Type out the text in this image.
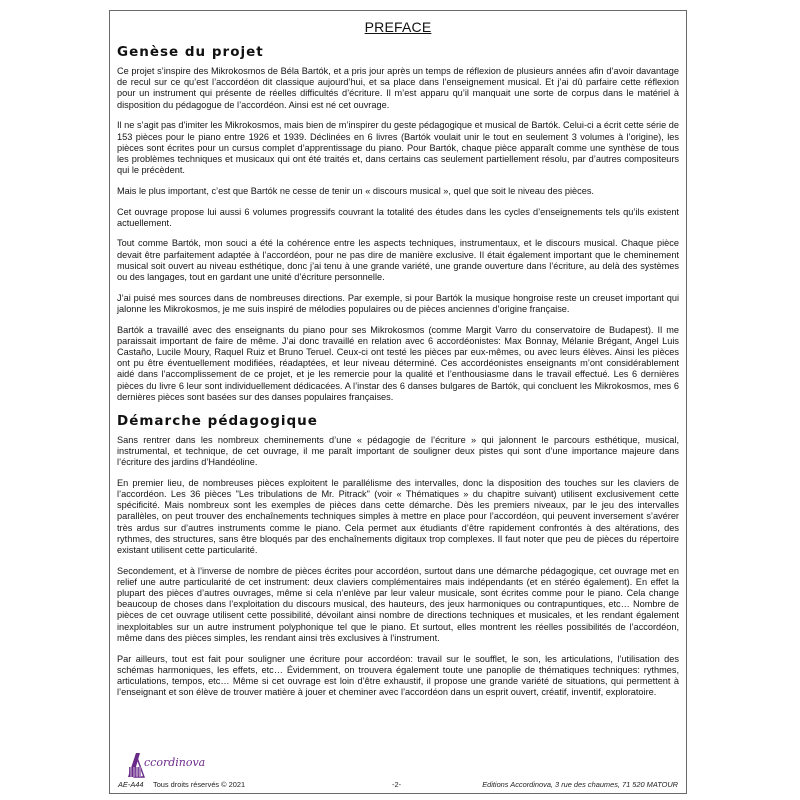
PREFACE
Genèse du projet

Ce projet s’inspire des Mikrokosmos de Béla Bartók, et a pris jour après un temps de réflexion de plusieurs années afin d’avoir davantage de recul sur ce qu’est l’accordéon dit classique aujourd’hui, et sa place dans l’enseignement musical. Et j’ai dû parfaire cette réflexion pour un instrument qui présente de réelles difficultés d’écriture. Il m’est apparu qu’il manquait une sorte de corpus dans le matériel à disposition du pédagogue de l’accordéon. Ainsi est né cet ouvrage.

Il ne s’agit pas d’imiter les Mikrokosmos, mais bien de m’inspirer du geste pédagogique et musical de Bartók. Celui-ci a écrit cette série de 153 pièces pour le piano entre 1926 et 1939. Déclinées en 6 livres (Bartók voulait unir le tout en seulement 3 volumes à l’origine), les pièces sont écrites pour un cursus complet d’apprentissage du piano. Pour Bartók, chaque pièce apparaît comme une synthèse de tous les problèmes techniques et musicaux qui ont été traités et, dans certains cas seulement partiellement résolu, par d’autres compositeurs qui le précèdent.

Mais le plus important, c’est que Bartók ne cesse de tenir un « discours musical », quel que soit le niveau des pièces.

Cet ouvrage propose lui aussi 6 volumes progressifs couvrant la totalité des études dans les cycles d’enseignements tels qu’ils existent actuellement.

Tout comme Bartók, mon souci a été la cohérence entre les aspects techniques, instrumentaux, et le discours musical. Chaque pièce devait être parfaitement adaptée à l’accordéon, pour ne pas dire de manière exclusive. Il était également important que le cheminement musical soit ouvert au niveau esthétique, donc j’ai tenu à une grande variété, une grande ouverture dans l’écriture, au delà des systèmes ou des langages, tout en gardant une unité d’écriture personnelle.

J’ai puisé mes sources dans de nombreuses directions. Par exemple, si pour Bartók la musique hongroise reste un creuset important qui jalonne les Mikrokosmos, je me suis inspiré de mélodies populaires ou de pièces anciennes d’origine française.

Bartók a travaillé avec des enseignants du piano pour ses Mikrokosmos (comme Margit Varro du conservatoire de Budapest). Il me paraissait important de faire de même. J’ai donc travaillé en relation avec 6 accordéonistes: Max Bonnay, Mélanie Brégant, Angel Luis Castaño, Lucile Moury, Raquel Ruiz et Bruno Teruel. Ceux-ci ont testé les pièces par eux-mêmes, ou avec leurs élèves. Ainsi les pièces ont pu être éventuellement modifiées, réadaptées, et leur niveau déterminé. Ces accordéonistes enseignants m’ont considérablement aidé dans l’accomplissement de ce projet, et je les remercie pour la qualité et l’enthousiasme dans le travail effectué. Les 6 dernières pièces du livre 6 leur sont individuellement dédicacées. A l’instar des 6 danses bulgares de Bartók, qui concluent les Mikrokosmos, mes 6 dernières pièces sont basées sur des danses populaires françaises.

Démarche pédagogique

Sans rentrer dans les nombreux cheminements d’une « pédagogie de l’écriture » qui jalonnent le parcours esthétique, musical, instrumental, et technique, de cet ouvrage, il me paraît important de souligner deux pistes qui sont d’une importance majeure dans l’écriture des jardins d’Handéoline.

En premier lieu, de nombreuses pièces exploitent le parallélisme des intervalles, donc la disposition des touches sur les claviers de l’accordéon. Les 36 pièces "Les tribulations de Mr. Pitrack" (voir « Thématiques » du chapitre suivant) utilisent exclusivement cette spécificité. Mais nombreux sont les exemples de pièces dans cette démarche. Dès les premiers niveaux, par le jeu des intervalles parallèles, on peut trouver des enchaînements techniques simples à mettre en place pour l’accordéon, qui peuvent inversement s’avérer très ardus sur d’autres instruments comme le piano. Cela permet aux étudiants d’être rapidement confrontés à des altérations, des rythmes, des structures, sans être bloqués par des enchaînements digitaux trop complexes. Il faut noter que peu de pièces du répertoire existant utilisent cette particularité.

Secondement, et à l’inverse de nombre de pièces écrites pour accordéon, surtout dans une démarche pédagogique, cet ouvrage met en relief une autre particularité de cet instrument: deux claviers complémentaires mais indépendants (et en stéréo également). En effet la plupart des pièces d’autres ouvrages, même si cela n’enlève par leur valeur musicale, sont écrites comme pour le piano. Cela change beaucoup de choses dans l’exploitation du discours musical, des hauteurs, des jeux harmoniques ou contrapuntiques, etc… Nombre de pièces de cet ouvrage utilisent cette possibilité, dévoilant ainsi nombre de directions techniques et musicales, et les rendant également inexploitables sur un autre instrument polyphonique tel que le piano. Et surtout, elles montrent les réelles possibilités de l’accordéon, même dans des pièces simples, les rendant ainsi très exclusives à l’instrument.

Par ailleurs, tout est fait pour souligner une écriture pour accordéon: travail sur le soufflet, le son, les articulations, l’utilisation des schémas harmoniques, les effets, etc… Évidemment, on trouvera également toute une panoplie de thématiques techniques: rythmes, articulations, tempos, etc… Même si cet ouvrage est loin d’être exhaustif, il propose une grande variété de situations, qui permettent à l’enseignant et son élève de trouver matière à jouer et cheminer avec l’accordéon dans un esprit ouvert, créatif, inventif, exploratoire.

ccordinova
AE-A44 Tous droits réservés © 2021	-2-	Editions Accordinova, 3 rue des chaumes, 71 520 MATOUR
